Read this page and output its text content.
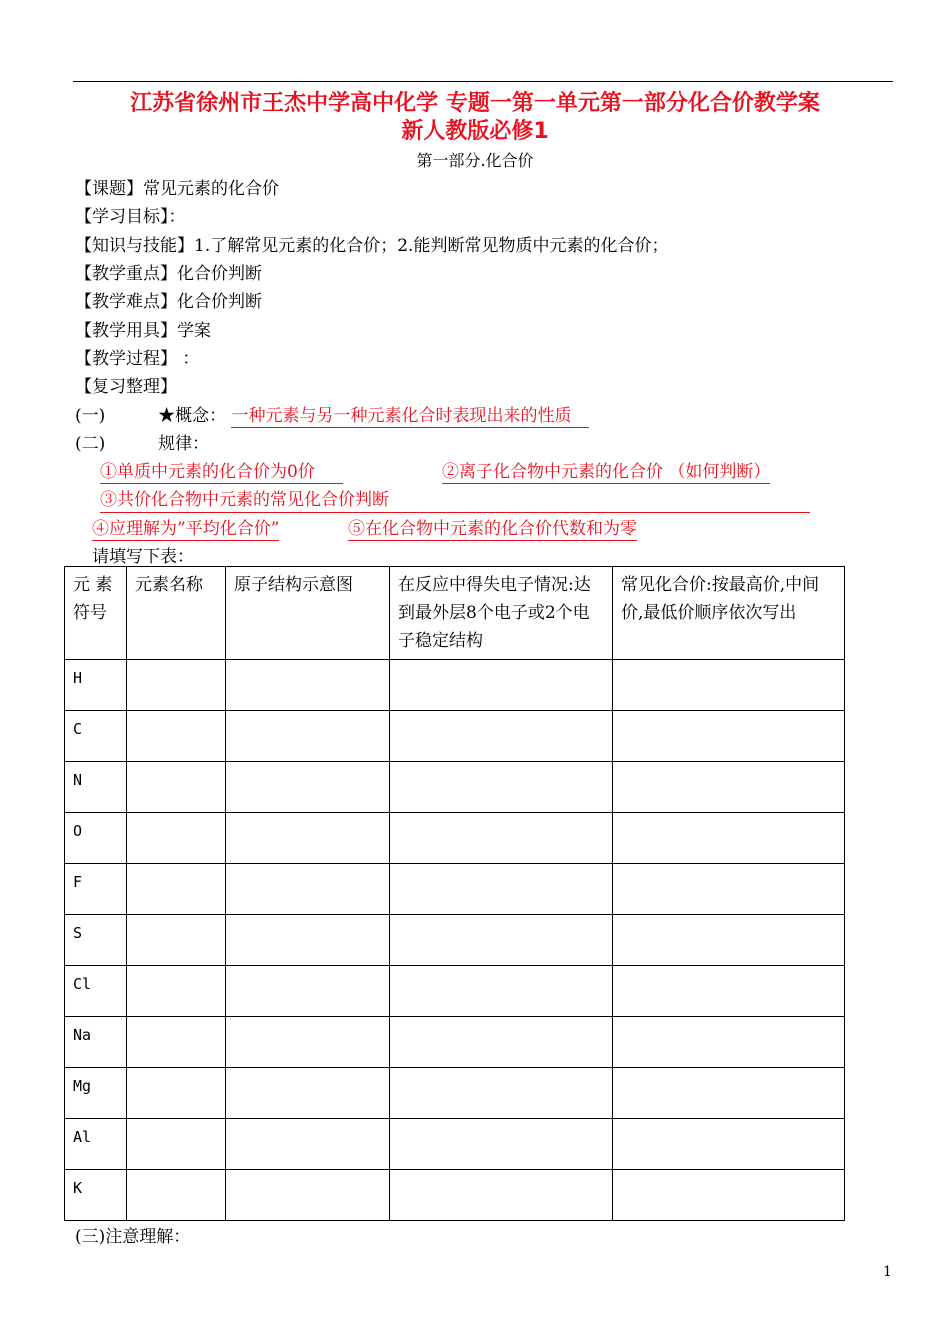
江苏省徐州市王杰中学高中化学 专题一第一单元第一部分化合价教学案
新人教版必修1
第一部分.化合价
【课题】常见元素的化合价
【学习目标】：
【知识与技能】1.了解常见元素的化合价；2.能判断常见物质中元素的化合价；
【教学重点】化合价判断
【教学难点】化合价判断
【教学用具】学案
【教学过程】 ：
【复习整理】
(一)	★概念： 一种元素与另一种元素化合时表现出来的性质
(二)	规律：
①单质中元素的化合价为0价	②离子化合物中元素的化合价 （如何判断）
③共价化合物中元素的常见化合价判断
④应理解为”平均化合价”	⑤在化合物中元素的化合价代数和为零
请填写下表：
元 素符号	元素名称	原子结构示意图	在反应中得失电子情况:达到最外层8个电子或2个电子稳定结构	常见化合价:按最高价,中间价,最低价顺序依次写出
H				
C				
N				
O				
F				
S				
Cl				
Na				
Mg				
Al				
K				
(三)注意理解：
1
